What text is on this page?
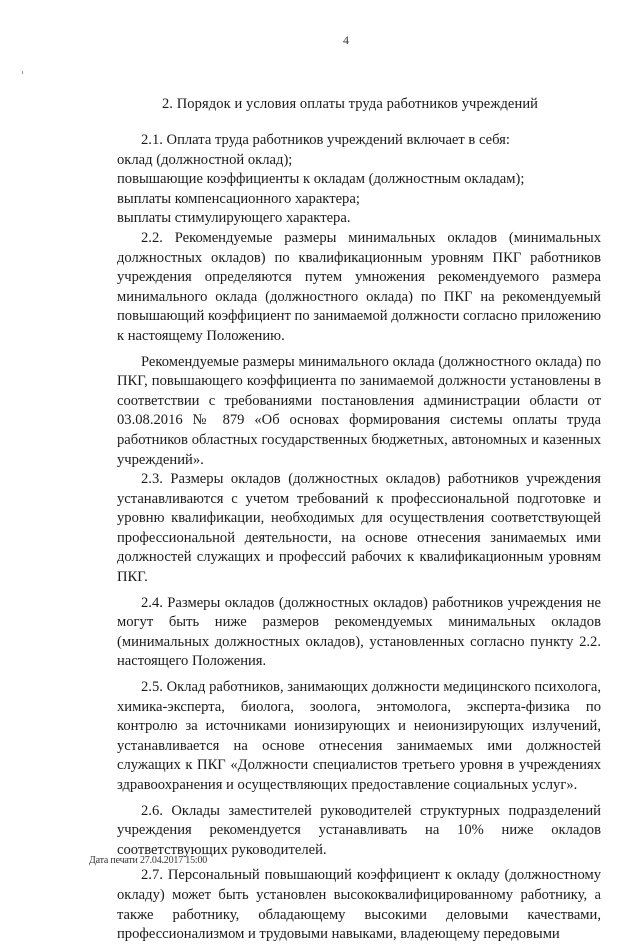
4
2. Порядок и условия оплаты труда работников учреждений

2.1. Оплата труда работников учреждений включает в себя:

оклад (должностной оклад);

повышающие коэффициенты к окладам (должностным окладам);

выплаты компенсационного характера;

выплаты стимулирующего характера.

2.2. Рекомендуемые размеры минимальных окладов (минимальных должностных окладов) по квалификационным уровням ПКГ работников учреждения определяются путем умножения рекомендуемого размера минимального оклада (должностного оклада) по ПКГ на рекомендуемый повышающий коэффициент по занимаемой должности согласно приложению к настоящему Положению.

Рекомендуемые размеры минимального оклада (должностного оклада) по ПКГ, повышающего коэффициента по занимаемой должности установлены в соответствии с требованиями постановления администрации области от 03.08.2016 № 879 «Об основах формирования системы оплаты труда работников областных государственных бюджетных, автономных и казенных учреждений».

2.3. Размеры окладов (должностных окладов) работников учреждения устанавливаются с учетом требований к профессиональной подготовке и уровню квалификации, необходимых для осуществления соответствующей профессиональной деятельности, на основе отнесения занимаемых ими должностей служащих и профессий рабочих к квалификационным уровням ПКГ.

2.4. Размеры окладов (должностных окладов) работников учреждения не могут быть ниже размеров рекомендуемых минимальных окладов (минимальных должностных окладов), установленных согласно пункту 2.2. настоящего Положения.

2.5. Оклад работников, занимающих должности медицинского психолога, химика-эксперта, биолога, зоолога, энтомолога, эксперта-физика по контролю за источниками ионизирующих и неионизирующих излучений, устанавливается на основе отнесения занимаемых ими должностей служащих к ПКГ «Должности специалистов третьего уровня в учреждениях здравоохранения и осуществляющих предоставление социальных услуг».

2.6. Оклады заместителей руководителей структурных подразделений учреждения рекомендуется устанавливать на 10% ниже окладов соответствующих руководителей.

2.7. Персональный повышающий коэффициент к окладу (должностному окладу) может быть установлен высококвалифицированному работнику, а также работнику, обладающему высокими деловыми качествами, профессионализмом и трудовыми навыками, владеющему передовыми

Дата печати 27.04.2017 15:00
